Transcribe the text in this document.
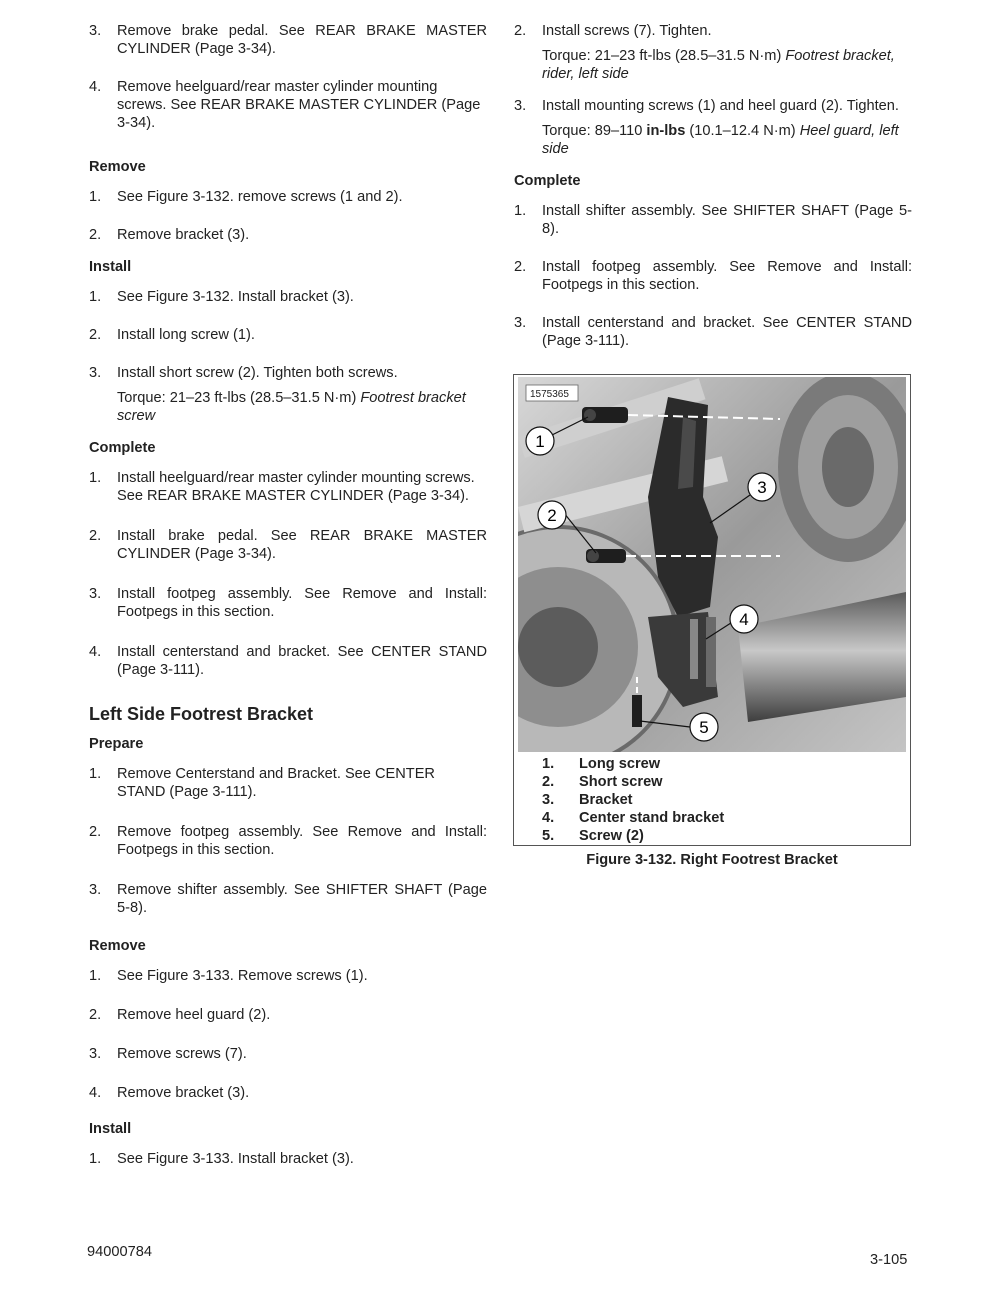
3.	Remove brake pedal. See REAR BRAKE MASTER CYLINDER (Page 3-34).

4.	Remove heelguard/rear master cylinder mounting screws. See REAR BRAKE MASTER CYLINDER (Page 3-34).

Remove
1.	See Figure 3-132. remove screws (1 and 2).

2.	Remove bracket (3).

Install
1.	See Figure 3-132. Install bracket (3).

2.	Install long screw (1).

3.	Install short screw (2). Tighten both screws.

Torque: 21–23 ft-lbs (28.5–31.5 N·m) Footrest bracket screw

Complete
1.	Install heelguard/rear master cylinder mounting screws. See REAR BRAKE MASTER CYLINDER (Page 3-34).

2.	Install brake pedal. See REAR BRAKE MASTER CYLINDER (Page 3-34).

3.	Install footpeg assembly. See Remove and Install: Footpegs in this section.

4.	Install centerstand and bracket. See CENTER STAND (Page 3-111).

Left Side Footrest Bracket
Prepare
1.	Remove Centerstand and Bracket. See CENTER STAND (Page 3-111).

2.	Remove footpeg assembly. See Remove and Install: Footpegs in this section.

3.	Remove shifter assembly. See SHIFTER SHAFT (Page 5-8).

Remove
1.	See Figure 3-133. Remove screws (1).

2.	Remove heel guard (2).

3.	Remove screws (7).

4.	Remove bracket (3).

Install
1.	See Figure 3-133. Install bracket (3).

2.	Install screws (7). Tighten.

Torque: 21–23 ft-lbs (28.5–31.5 N·m) Footrest bracket, rider, left side

3.	Install mounting screws (1) and heel guard (2). Tighten.

Torque: 89–110 in-lbs (10.1–12.4 N·m) Heel guard, left side

Complete
1.	Install shifter assembly. See SHIFTER SHAFT (Page 5-8).

2.	Install footpeg assembly. See Remove and Install: Footpegs in this section.

3.	Install centerstand and bracket. See CENTER STAND (Page 3-111).

1575365
1
2
3
4
5
1.	Long screw
2.	Short screw
3.	Bracket
4.	Center stand bracket
5.	Screw (2)
Figure 3-132. Right Footrest Bracket
94000784	3-105
